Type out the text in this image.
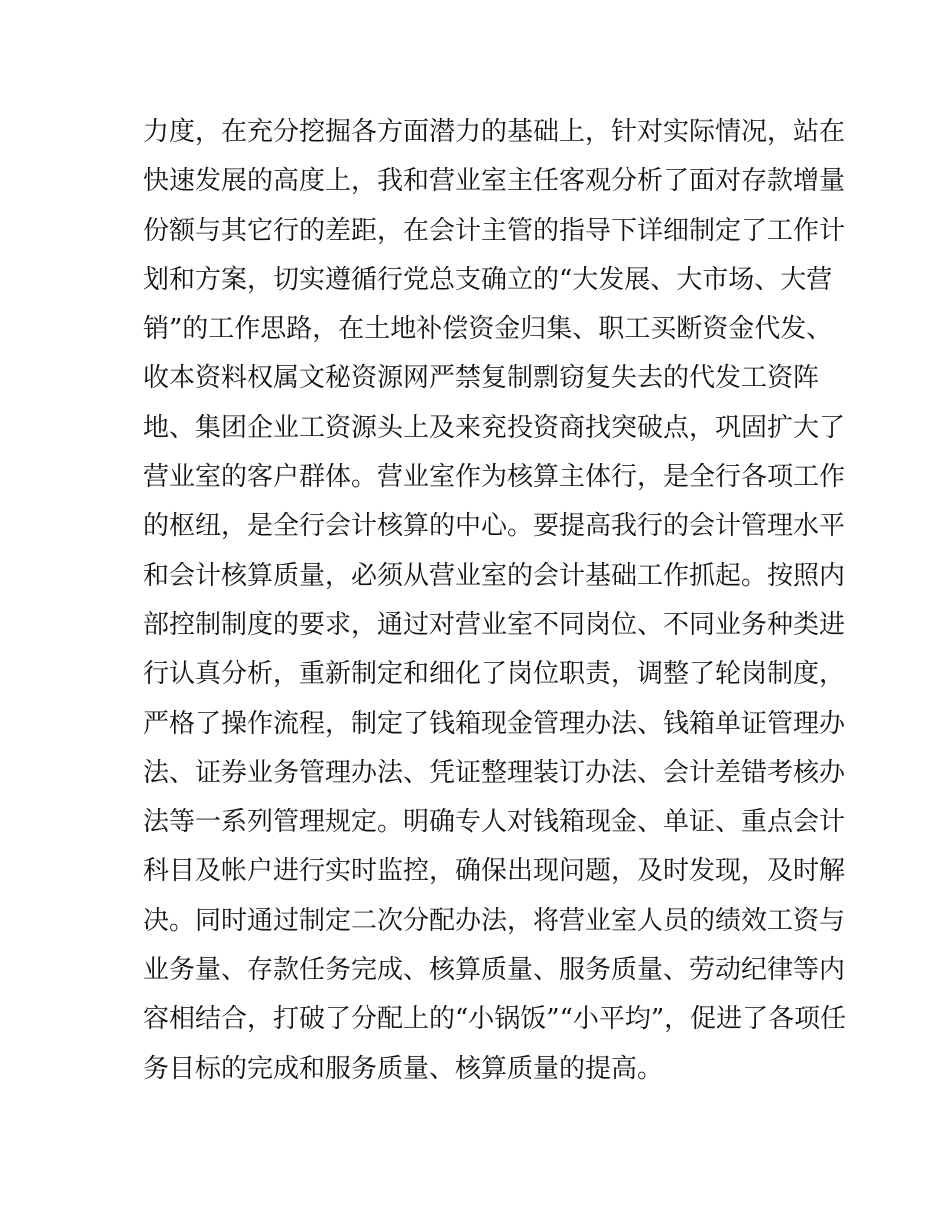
力度，在充分挖掘各方面潜力的基础上，针对实际情况，站在
快速发展的高度上，我和营业室主任客观分析了面对存款增量
份额与其它行的差距，在会计主管的指导下详细制定了工作计
划和方案，切实遵循行党总支确立的“大发展、大市场、大营
销”的工作思路，在土地补偿资金归集、职工买断资金代发、
收本资料权属文秘资源网严禁复制剽窃复失去的代发工资阵
地、集团企业工资源头上及来兖投资商找突破点，巩固扩大了
营业室的客户群体。营业室作为核算主体行，是全行各项工作
的枢纽，是全行会计核算的中心。要提高我行的会计管理水平
和会计核算质量，必须从营业室的会计基础工作抓起。按照内
部控制制度的要求，通过对营业室不同岗位、不同业务种类进
行认真分析，重新制定和细化了岗位职责，调整了轮岗制度，
严格了操作流程，制定了钱箱现金管理办法、钱箱单证管理办
法、证券业务管理办法、凭证整理装订办法、会计差错考核办
法等一系列管理规定。明确专人对钱箱现金、单证、重点会计
科目及帐户进行实时监控，确保出现问题，及时发现，及时解
决。同时通过制定二次分配办法，将营业室人员的绩效工资与
业务量、存款任务完成、核算质量、服务质量、劳动纪律等内
容相结合，打破了分配上的“小锅饭”“小平均”，促进了各项任
务目标的完成和服务质量、核算质量的提高。
